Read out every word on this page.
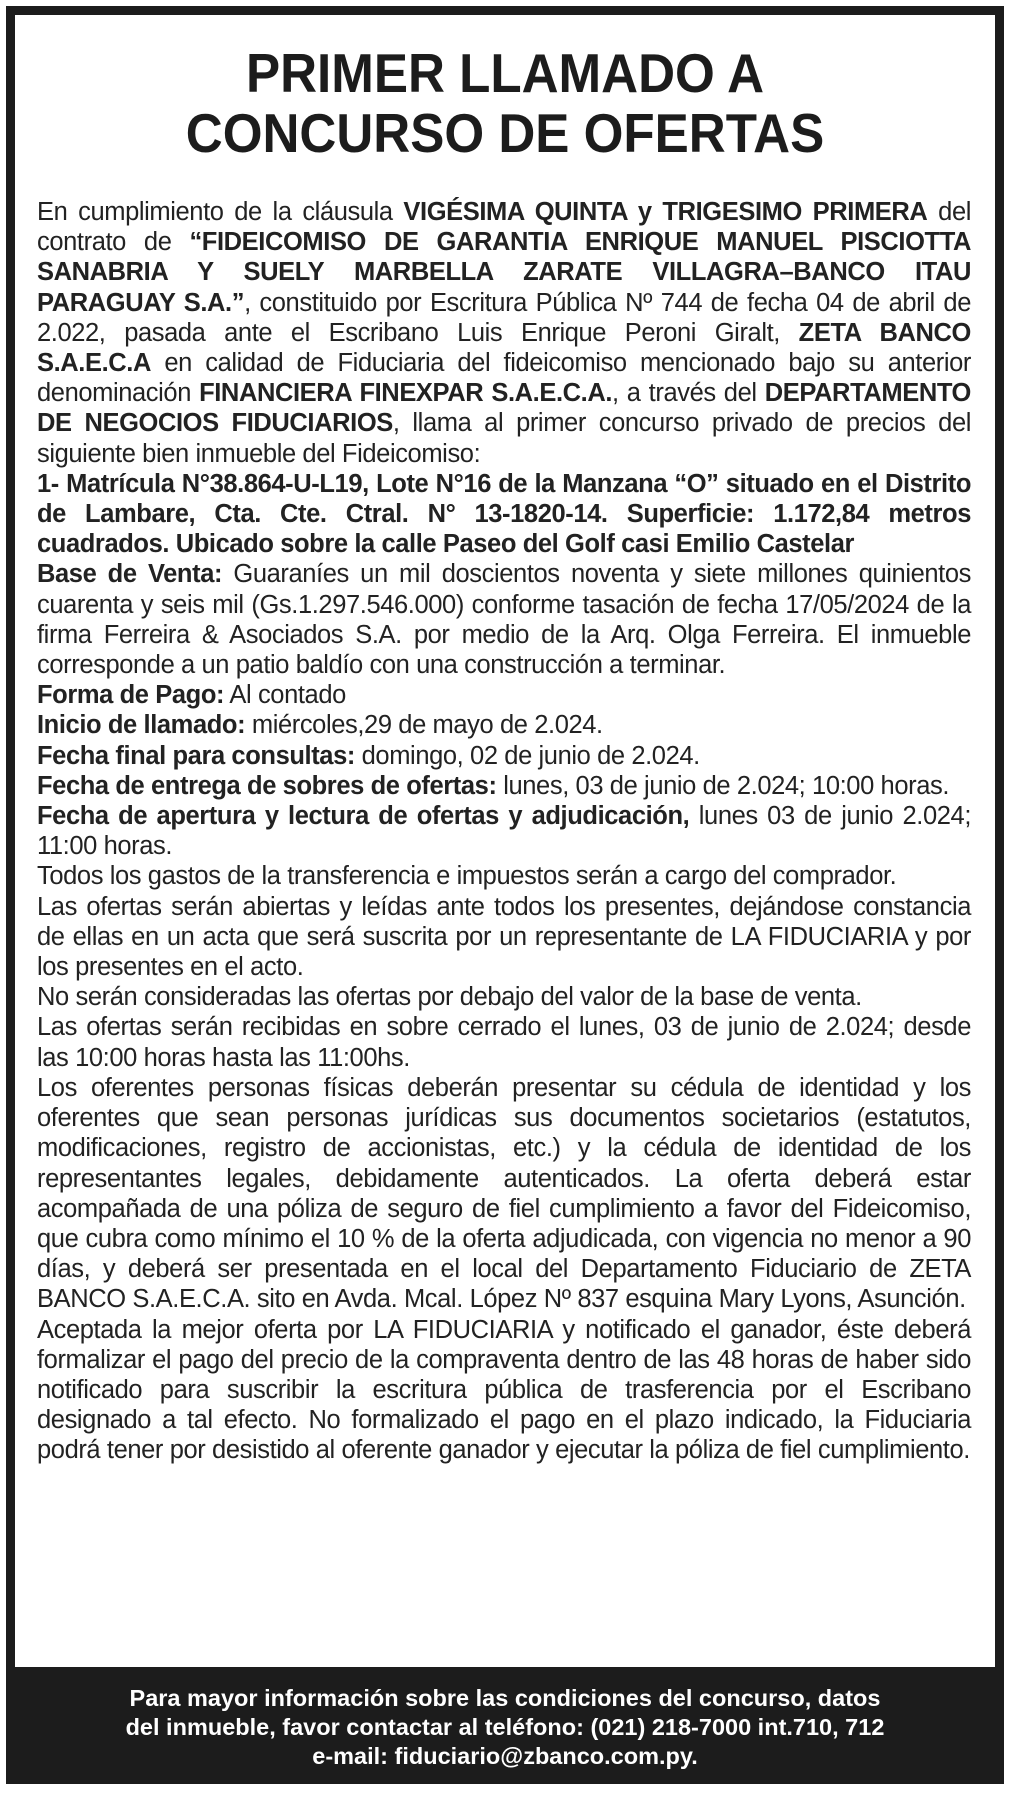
PRIMER LLAMADO A
CONCURSO DE OFERTAS

En cumplimiento de la cláusula VIGÉSIMA QUINTA y TRIGESIMO PRIMERA del contrato de “FIDEICOMISO DE GARANTIA ENRIQUE MANUEL PISCIOTTA SANABRIA Y SUELY MARBELLA ZARATE VILLAGRA–BANCO ITAU PARAGUAY S.A.”, constituido por Escritura Pública Nº 744 de fecha 04 de abril de 2.022, pasada ante el Escribano Luis Enrique Peroni Giralt, ZETA BANCO S.A.E.C.A en calidad de Fiduciaria del fideicomiso mencionado bajo su anterior denominación FINANCIERA FINEXPAR S.A.E.C.A., a través del DEPARTAMENTO DE NEGOCIOS FIDUCIARIOS, llama al primer concurso privado de precios del siguiente bien inmueble del Fideicomiso:

1- Matrícula N°38.864-U-L19, Lote N°16 de la Manzana “O” situado en el Distrito de Lambare, Cta. Cte. Ctral. N° 13-1820-14. Superficie: 1.172,84 metros cuadrados. Ubicado sobre la calle Paseo del Golf casi Emilio Castelar

Base de Venta: Guaraníes un mil doscientos noventa y siete millones quinientos cuarenta y seis mil (Gs.1.297.546.000) conforme tasación de fecha 17/05/2024 de la firma Ferreira & Asociados S.A. por medio de la Arq. Olga Ferreira. El inmueble corresponde a un patio baldío con una construcción a terminar.

Forma de Pago: Al contado

Inicio de llamado: miércoles,29 de mayo de 2.024.

Fecha final para consultas: domingo, 02 de junio de 2.024.

Fecha de entrega de sobres de ofertas: lunes, 03 de junio de 2.024; 10:00 horas.

Fecha de apertura y lectura de ofertas y adjudicación, lunes 03 de junio 2.024; 11:00 horas.

Todos los gastos de la transferencia e impuestos serán a cargo del comprador.

Las ofertas serán abiertas y leídas ante todos los presentes, dejándose constancia de ellas en un acta que será suscrita por un representante de LA FIDUCIARIA y por los presentes en el acto.

No serán consideradas las ofertas por debajo del valor de la base de venta.

Las ofertas serán recibidas en sobre cerrado el lunes, 03 de junio de 2.024; desde las 10:00 horas hasta las 11:00hs.

Los oferentes personas físicas deberán presentar su cédula de identidad y los oferentes que sean personas jurídicas sus documentos societarios (estatutos, modificaciones, registro de accionistas, etc.) y la cédula de identidad de los representantes legales, debidamente autenticados. La oferta deberá estar acompañada de una póliza de seguro de fiel cumplimiento a favor del Fideicomiso, que cubra como mínimo el 10 % de la oferta adjudicada, con vigencia no menor a 90 días, y deberá ser presentada en el local del Departamento Fiduciario de ZETA BANCO S.A.E.C.A. sito en Avda. Mcal. López Nº 837 esquina Mary Lyons, Asunción.

Aceptada la mejor oferta por LA FIDUCIARIA y notificado el ganador, éste deberá formalizar el pago del precio de la compraventa dentro de las 48 horas de haber sido notificado para suscribir la escritura pública de trasferencia por el Escribano designado a tal efecto. No formalizado el pago en el plazo indicado, la Fiduciaria podrá tener por desistido al oferente ganador y ejecutar la póliza de fiel cumplimiento.

Para mayor información sobre las condiciones del concurso, datos
del inmueble, favor contactar al teléfono: (021) 218-7000 int.710, 712
e-mail: fiduciario@zbanco.com.py.
